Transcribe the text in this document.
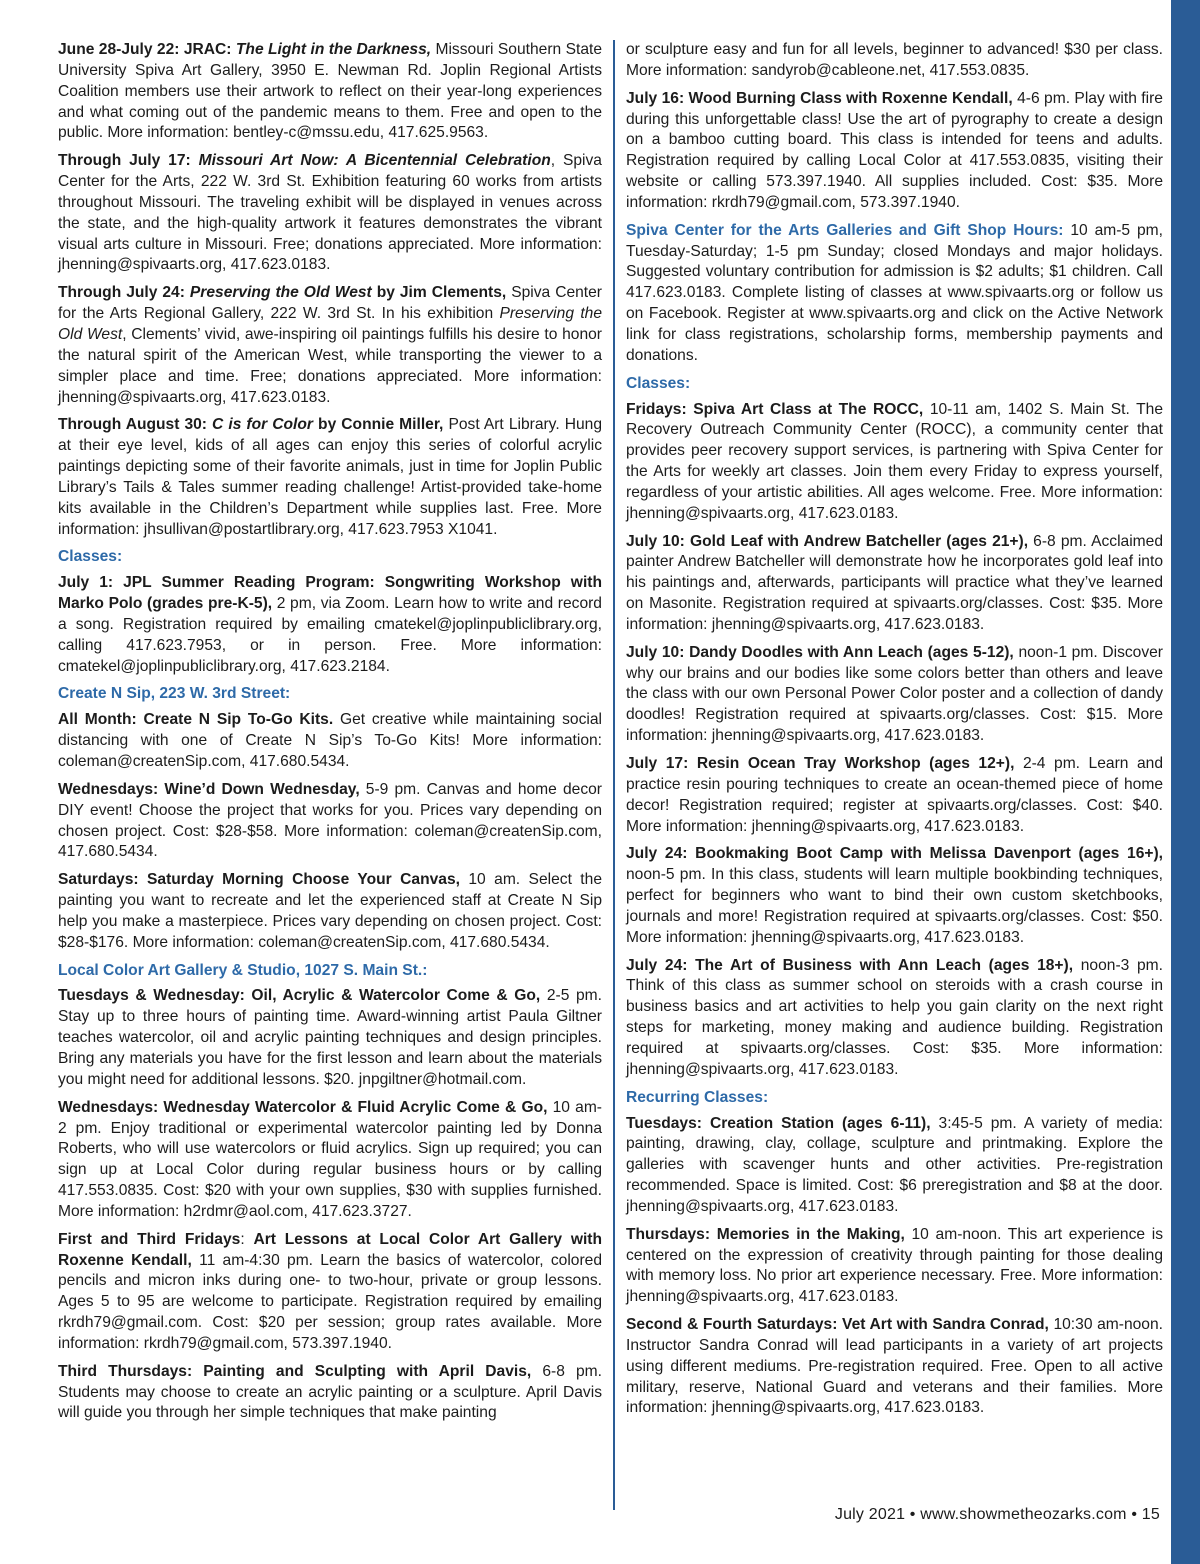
June 28-July 22: JRAC: The Light in the Darkness, Missouri Southern State University Spiva Art Gallery, 3950 E. Newman Rd. Joplin Regional Artists Coalition members use their artwork to reflect on their year-long experiences and what coming out of the pandemic means to them. Free and open to the public. More information: bentley-c@mssu.edu, 417.625.9563.

Through July 17: Missouri Art Now: A Bicentennial Celebration, Spiva Center for the Arts, 222 W. 3rd St. Exhibition featuring 60 works from artists throughout Missouri. The traveling exhibit will be displayed in venues across the state, and the high-quality artwork it features demonstrates the vibrant visual arts culture in Missouri. Free; donations appreciated. More information: jhenning@spivaarts.org, 417.623.0183.

Through July 24: Preserving the Old West by Jim Clements, Spiva Center for the Arts Regional Gallery, 222 W. 3rd St. In his exhibition Preserving the Old West, Clements’ vivid, awe-inspiring oil paintings fulfills his desire to honor the natural spirit of the American West, while transporting the viewer to a simpler place and time. Free; donations appreciated. More information: jhenning@spivaarts.org, 417.623.0183.

Through August 30: C is for Color by Connie Miller, Post Art Library. Hung at their eye level, kids of all ages can enjoy this series of colorful acrylic paintings depicting some of their favorite animals, just in time for Joplin Public Library’s Tails & Tales summer reading challenge! Artist-provided take-home kits available in the Children’s Department while supplies last. Free. More information: jhsullivan@postartlibrary.org, 417.623.7953 X1041.

Classes:

July 1: JPL Summer Reading Program: Songwriting Workshop with Marko Polo (grades pre-K-5), 2 pm, via Zoom. Learn how to write and record a song. Registration required by emailing cmatekel@joplinpubliclibrary.org, calling 417.623.7953, or in person. Free. More information: cmatekel@joplinpubliclibrary.org, 417.623.2184.

Create N Sip, 223 W. 3rd Street:

All Month: Create N Sip To-Go Kits. Get creative while maintaining social distancing with one of Create N Sip’s To-Go Kits! More information: coleman@createnSip.com, 417.680.5434.

Wednesdays: Wine’d Down Wednesday, 5-9 pm. Canvas and home decor DIY event! Choose the project that works for you. Prices vary depending on chosen project. Cost: $28-$58. More information: coleman@createnSip.com, 417.680.5434.

Saturdays: Saturday Morning Choose Your Canvas, 10 am. Select the painting you want to recreate and let the experienced staff at Create N Sip help you make a masterpiece. Prices vary depending on chosen project. Cost: $28-$176. More information: coleman@createnSip.com, 417.680.5434.

Local Color Art Gallery & Studio, 1027 S. Main St.:

Tuesdays & Wednesday: Oil, Acrylic & Watercolor Come & Go, 2-5 pm. Stay up to three hours of painting time. Award-winning artist Paula Giltner teaches watercolor, oil and acrylic painting techniques and design principles. Bring any materials you have for the first lesson and learn about the materials you might need for additional lessons. $20. jnpgiltner@hotmail.com.

Wednesdays: Wednesday Watercolor & Fluid Acrylic Come & Go, 10 am-2 pm. Enjoy traditional or experimental watercolor painting led by Donna Roberts, who will use watercolors or fluid acrylics. Sign up required; you can sign up at Local Color during regular business hours or by calling 417.553.0835. Cost: $20 with your own supplies, $30 with supplies furnished. More information: h2rdmr@aol.com, 417.623.3727.

First and Third Fridays: Art Lessons at Local Color Art Gallery with Roxenne Kendall, 11 am-4:30 pm. Learn the basics of watercolor, colored pencils and micron inks during one- to two-hour, private or group lessons. Ages 5 to 95 are welcome to participate. Registration required by emailing rkrdh79@gmail.com. Cost: $20 per session; group rates available. More information: rkrdh79@gmail.com, 573.397.1940.

Third Thursdays: Painting and Sculpting with April Davis, 6-8 pm. Students may choose to create an acrylic painting or a sculpture. April Davis will guide you through her simple techniques that make painting

or sculpture easy and fun for all levels, beginner to advanced! $30 per class. More information: sandyrob@cableone.net, 417.553.0835.

July 16: Wood Burning Class with Roxenne Kendall, 4-6 pm. Play with fire during this unforgettable class! Use the art of pyrography to create a design on a bamboo cutting board. This class is intended for teens and adults. Registration required by calling Local Color at 417.553.0835, visiting their website or calling 573.397.1940. All supplies included. Cost: $35. More information: rkrdh79@gmail.com, 573.397.1940.

Spiva Center for the Arts Galleries and Gift Shop Hours: 10 am-5 pm, Tuesday-Saturday; 1-5 pm Sunday; closed Mondays and major holidays. Suggested voluntary contribution for admission is $2 adults; $1 children. Call 417.623.0183. Complete listing of classes at www.spivaarts.org or follow us on Facebook. Register at www.spivaarts.org and click on the Active Network link for class registrations, scholarship forms, membership payments and donations.

Classes:

Fridays: Spiva Art Class at The ROCC, 10-11 am, 1402 S. Main St. The Recovery Outreach Community Center (ROCC), a community center that provides peer recovery support services, is partnering with Spiva Center for the Arts for weekly art classes. Join them every Friday to express yourself, regardless of your artistic abilities. All ages welcome. Free. More information: jhenning@spivaarts.org, 417.623.0183.

July 10: Gold Leaf with Andrew Batcheller (ages 21+), 6-8 pm. Acclaimed painter Andrew Batcheller will demonstrate how he incorporates gold leaf into his paintings and, afterwards, participants will practice what they’ve learned on Masonite. Registration required at spivaarts.org/classes. Cost: $35. More information: jhenning@spivaarts.org, 417.623.0183.

July 10: Dandy Doodles with Ann Leach (ages 5-12), noon-1 pm. Discover why our brains and our bodies like some colors better than others and leave the class with our own Personal Power Color poster and a collection of dandy doodles! Registration required at spivaarts.org/classes. Cost: $15. More information: jhenning@spivaarts.org, 417.623.0183.

July 17: Resin Ocean Tray Workshop (ages 12+), 2-4 pm. Learn and practice resin pouring techniques to create an ocean-themed piece of home decor! Registration required; register at spivaarts.org/classes. Cost: $40. More information: jhenning@spivaarts.org, 417.623.0183.

July 24: Bookmaking Boot Camp with Melissa Davenport (ages 16+), noon-5 pm. In this class, students will learn multiple bookbinding techniques, perfect for beginners who want to bind their own custom sketchbooks, journals and more! Registration required at spivaarts.org/classes. Cost: $50. More information: jhenning@spivaarts.org, 417.623.0183.

July 24: The Art of Business with Ann Leach (ages 18+), noon-3 pm. Think of this class as summer school on steroids with a crash course in business basics and art activities to help you gain clarity on the next right steps for marketing, money making and audience building. Registration required at spivaarts.org/classes. Cost: $35. More information: jhenning@spivaarts.org, 417.623.0183.

Recurring Classes:

Tuesdays: Creation Station (ages 6-11), 3:45-5 pm. A variety of media: painting, drawing, clay, collage, sculpture and printmaking. Explore the galleries with scavenger hunts and other activities. Pre-registration recommended. Space is limited. Cost: $6 preregistration and $8 at the door. jhenning@spivaarts.org, 417.623.0183.

Thursdays: Memories in the Making, 10 am-noon. This art experience is centered on the expression of creativity through painting for those dealing with memory loss. No prior art experience necessary. Free. More information: jhenning@spivaarts.org, 417.623.0183.

Second & Fourth Saturdays: Vet Art with Sandra Conrad, 10:30 am-noon. Instructor Sandra Conrad will lead participants in a variety of art projects using different mediums. Pre-registration required. Free. Open to all active military, reserve, National Guard and veterans and their families. More information: jhenning@spivaarts.org, 417.623.0183.

July 2021 • www.showmetheozarks.com • 15
